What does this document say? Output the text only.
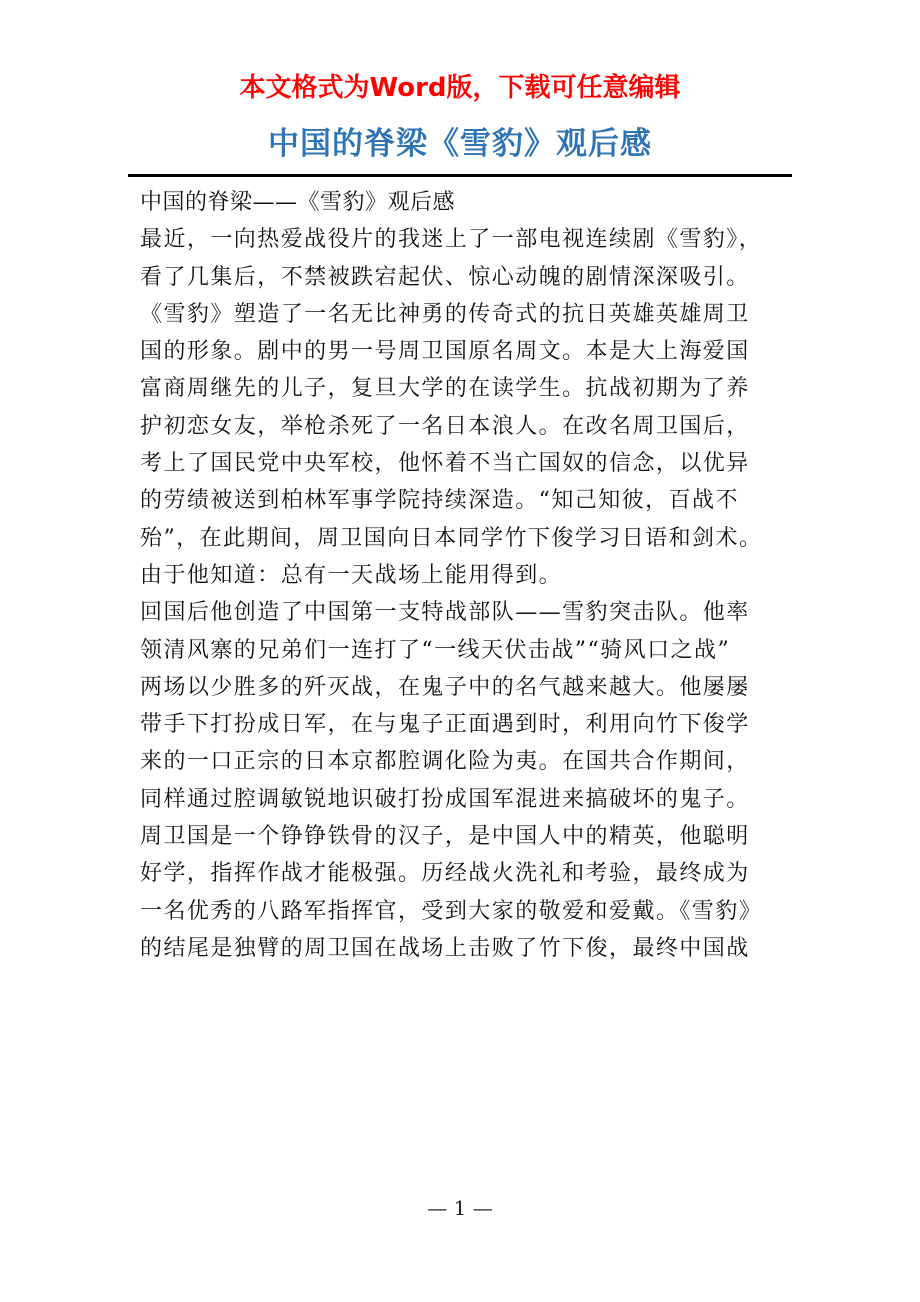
本文格式为Word版，下载可任意编辑
中国的脊梁《雪豹》观后感
中国的脊梁——《雪豹》观后感
最近，一向热爱战役片的我迷上了一部电视连续剧《雪豹》，
看了几集后，不禁被跌宕起伏、惊心动魄的剧情深深吸引。
《雪豹》塑造了一名无比神勇的传奇式的抗日英雄英雄周卫
国的形象。剧中的男一号周卫国原名周文。本是大上海爱国
富商周继先的儿子，复旦大学的在读学生。抗战初期为了养
护初恋女友，举枪杀死了一名日本浪人。在改名周卫国后，
考上了国民党中央军校，他怀着不当亡国奴的信念，以优异
的劳绩被送到柏林军事学院持续深造。“知己知彼，百战不
殆”，在此期间，周卫国向日本同学竹下俊学习日语和剑术。
由于他知道：总有一天战场上能用得到。
回国后他创造了中国第一支特战部队——雪豹突击队。他率
领清风寨的兄弟们一连打了“一线天伏击战”“骑风口之战”
两场以少胜多的歼灭战，在鬼子中的名气越来越大。他屡屡
带手下打扮成日军，在与鬼子正面遇到时，利用向竹下俊学
来的一口正宗的日本京都腔调化险为夷。在国共合作期间，
同样通过腔调敏锐地识破打扮成国军混进来搞破坏的鬼子。
周卫国是一个铮铮铁骨的汉子，是中国人中的精英，他聪明
好学，指挥作战才能极强。历经战火洗礼和考验，最终成为
一名优秀的八路军指挥官，受到大家的敬爱和爱戴。《雪豹》
的结尾是独臂的周卫国在战场上击败了竹下俊，最终中国战
— 1 —
